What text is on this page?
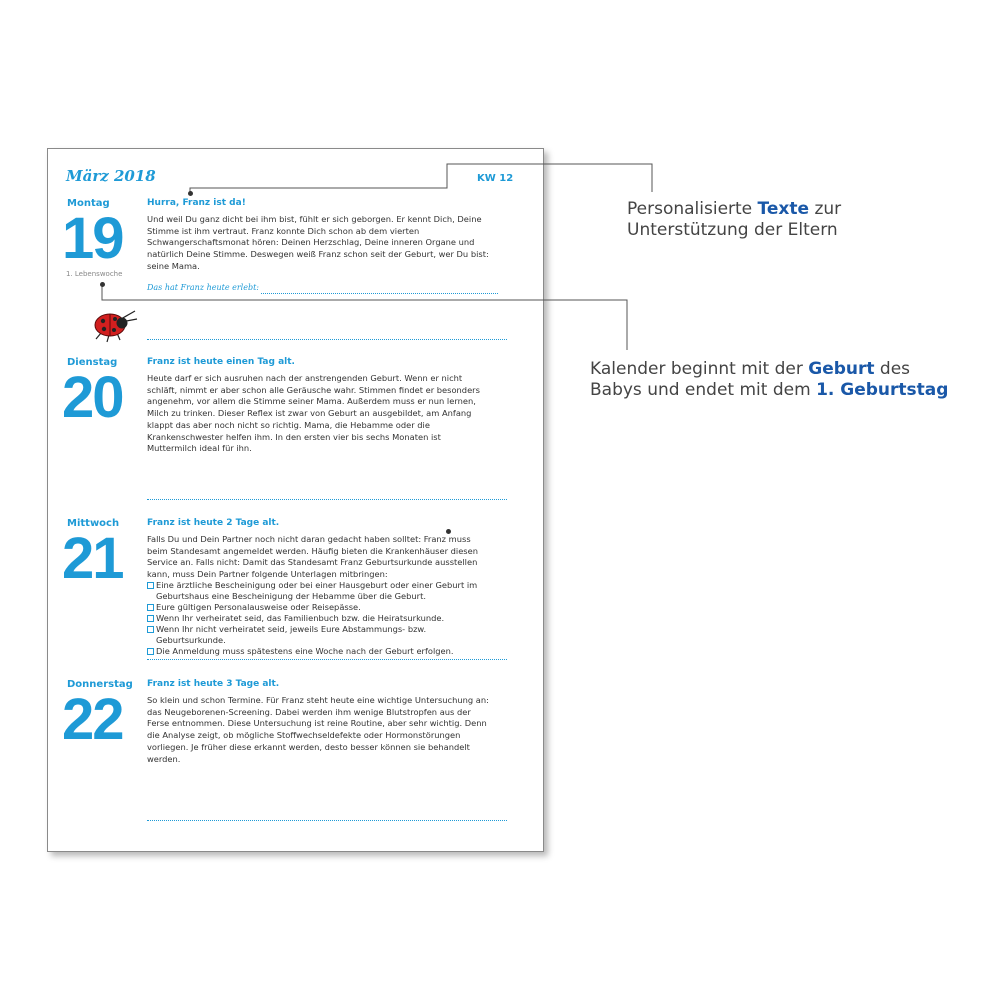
März 2018	KW 12
Montag
19
1. Lebenswoche
Hurra, Franz ist da!

Und weil Du ganz dicht bei ihm bist, fühlt er sich geborgen. Er kennt Dich, Deine Stimme ist ihm vertraut. Franz konnte Dich schon ab dem vierten Schwangerschaftsmonat hören: Deinen Herzschlag, Deine inneren Organe und natürlich Deine Stimme. Deswegen weiß Franz schon seit der Geburt, wer Du bist: seine Mama.

Das hat Franz heute erlebt:
Dienstag
20
Franz ist heute einen Tag alt.

Heute darf er sich ausruhen nach der anstrengenden Geburt. Wenn er nicht schläft, nimmt er aber schon alle Geräusche wahr. Stimmen findet er besonders angenehm, vor allem die Stimme seiner Mama. Außerdem muss er nun lernen, Milch zu trinken. Dieser Reflex ist zwar von Geburt an ausgebildet, am Anfang klappt das aber noch nicht so richtig. Mama, die Hebamme oder die Krankenschwester helfen ihm. In den ersten vier bis sechs Monaten ist Muttermilch ideal für ihn.

Mittwoch
21
Franz ist heute 2 Tage alt.

Falls Du und Dein Partner noch nicht daran gedacht haben solltet: Franz muss beim Standesamt angemeldet werden. Häufig bieten die Krankenhäuser diesen Service an. Falls nicht: Damit das Standesamt Franz Geburtsurkunde ausstellen kann, muss Dein Partner folgende Unterlagen mitbringen:

Eine ärztliche Bescheinigung oder bei einer Hausgeburt oder einer Geburt im Geburtshaus eine Bescheinigung der Hebamme über die Geburt.
Eure gültigen Personalausweise oder Reisepässe.
Wenn Ihr verheiratet seid, das Familienbuch bzw. die Heiratsurkunde.
Wenn Ihr nicht verheiratet seid, jeweils Eure Abstammungs- bzw. Geburtsurkunde.
Die Anmeldung muss spätestens eine Woche nach der Geburt erfolgen.
Donnerstag
22
Franz ist heute 3 Tage alt.

So klein und schon Termine. Für Franz steht heute eine wichtige Untersuchung an: das Neugeborenen-Screening. Dabei werden ihm wenige Blutstropfen aus der Ferse entnommen. Diese Untersuchung ist reine Routine, aber sehr wichtig. Denn die Analyse zeigt, ob mögliche Stoffwechseldefekte oder Hormonstörungen vorliegen. Je früher diese erkannt werden, desto besser können sie behandelt werden.

Personalisierte Texte zur
Unterstützung der Eltern
Kalender beginnt mit der Geburt des
Babys und endet mit dem 1. Geburtstag
